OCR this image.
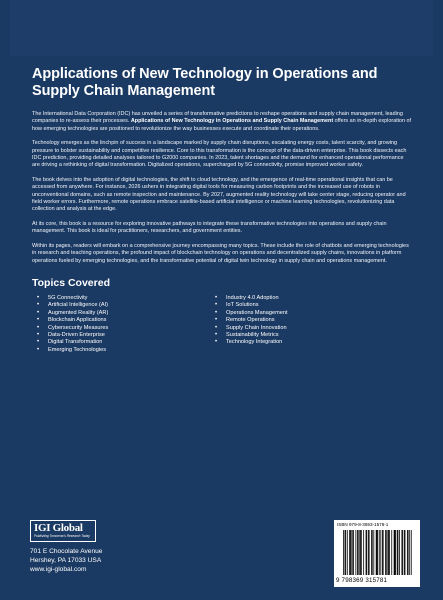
Applications of New Technology in Operations and Supply Chain Management

The International Data Corporation (IDC) has unveiled a series of transformative predictions to reshape operations and supply chain management, leading companies to re-assess their processes. Applications of New Technology in Operations and Supply Chain Management offers an in-depth exploration of how emerging technologies are positioned to revolutionize the way businesses execute and coordinate their operations.

Technology emerges as the linchpin of success in a landscape marked by supply chain disruptions, escalating energy costs, talent scarcity, and growing pressure to bolster sustainability and competitive resilience. Core to this transformation is the concept of the data-driven enterprise. This book dissects each IDC prediction, providing detailed analyses tailored to G2000 companies. In 2023, talent shortages and the demand for enhanced operational performance are driving a rethinking of digital transformation. Digitalized operations, supercharged by 5G connectivity, promise improved worker safety.

The book delves into the adoption of digital technologies, the shift to cloud technology, and the emergence of real-time operational insights that can be accessed from anywhere. For instance, 2026 ushers in integrating digital tools for measuring carbon footprints and the increased use of robots in unconventional domains, such as remote inspection and maintenance. By 2027, augmented reality technology will take center stage, reducing operator and field worker errors. Furthermore, remote operations embrace satellite-based artificial intelligence or machine learning technologies, revolutionizing data collection and analysis at the edge.

At its core, this book is a resource for exploring innovative pathways to integrate these transformative technologies into operations and supply chain management. This book is ideal for practitioners, researchers, and government entities.

Within its pages, readers will embark on a comprehensive journey encompassing many topics. These include the role of chatbots and emerging technologies in research and teaching operations, the profound impact of blockchain technology on operations and decentralized supply chains, innovations in platform operations fueled by emerging technologies, and the transformative potential of digital twin technology in supply chain and operations management.

Topics Covered
• 5G Connectivity
• Artificial Intelligence (AI)
• Augmented Reality (AR)
• Blockchain Applications
• Cybersecurity Measures
• Data-Driven Enterprise
• Digital Transformation
• Emerging Technologies
• Industry 4.0 Adoption
• IoT Solutions
• Operations Management
• Remote Operations
• Supply Chain Innovation
• Sustainability Metrics
• Technology Integration
IGI Global
Publishing Tomorrow's Research Today
701 E Chocolate Avenue
Hershey, PA 17033 USA
www.igi-global.com
ISBN 979-8-3693-1578-1
9 798369 315781
